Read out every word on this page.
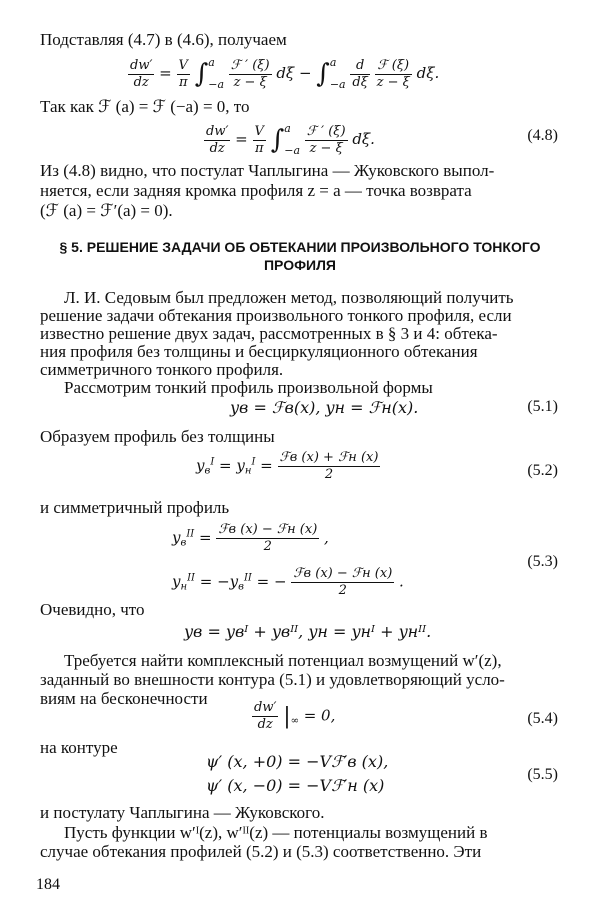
Подставляя (4.7) в (4.6), получаем
$\frac{dw'}{dz} = \frac{V}{\pi} \int a$
$-a \frac{\text{ℱ ′ (ξ)}}{z - \xi}$ dξ − ∫a
$-a \frac{d}{d\xi}$
$\frac{\text{ℱ (ξ)}}{z - \xi} d\xi$.
Так как ℱ (a) = ℱ (−a) = 0, то
$\frac{dw'}{dz} = \frac{V}{\pi} \int a$
$-a \frac{\text{ℱ ′ (ξ)}}{z - \xi} d\xi$.	(4.8)
Из (4.8) видно, что постулат Чаплыгина — Жуковского выпол-
няется, если задняя кромка профиля z = a — точка возврата
(ℱ (a) = ℱ′(a) = 0).
§ 5. РЕШЕНИЕ ЗАДАЧИ ОБ ОБТЕКАНИИ ПРОИЗВОЛЬНОГО ТОНКОГО
ПРОФИЛЯ
Л. И. Седовым был предложен метод, позволяющий получить
решение задачи обтекания произвольного тонкого профиля, если
известно решение двух задач, рассмотренных в § 3 и 4: обтека-
ния профиля без толщины и бесциркуляционного обтекания
симметричного тонкого профиля.
Рассмотрим тонкий профиль произвольной формы
yв = ℱв(x), yн = ℱн(x).	(5.1)
Образуем профиль без толщины
$y_в^I = y_н^I = \frac{\text{ℱв (x) + ℱн (x)}}{2}$	(5.2)
и симметричный профиль
$y_в^{II} = \frac{\text{ℱв (x) − ℱн (x)}}{2}$ ,
$y_н^{II} = -y_в^{II}$ = − $\frac{\text{ℱв (x) − ℱн (x)}}{2}$ .
(5.3)
Очевидно, что
yв = yвᴵ + yвᴵᴵ, yн = yнᴵ + yнᴵᴵ.
Требуется найти комплексный потенциал возмущений w′(z),
заданный во внешности контура (5.1) и удовлетворяющий усло-
виям на бесконечности
$\frac{dw'}{dz} |_\infty = 0$,	(5.4)
на контуре
ψ′ (x, +0) = −Vℱ′в (x),
ψ′ (x, −0) = −Vℱ′н (x)
(5.5)
и постулату Чаплыгина — Жуковского.
Пусть функции w′ᴵ(z), w′ᴵᴵ(z) — потенциалы возмущений в
случае обтекания профилей (5.2) и (5.3) соответственно. Эти
184
